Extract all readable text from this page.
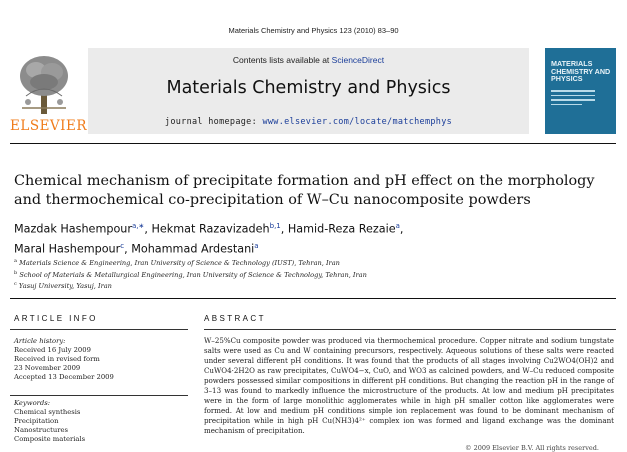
Materials Chemistry and Physics 123 (2010) 83–90
ELSEVIER
Contents lists available at ScienceDirect
Materials Chemistry and Physics
journal homepage: www.elsevier.com/locate/matchemphys
MATERIALS CHEMISTRY AND PHYSICS
Chemical mechanism of precipitate formation and pH effect on the morphology and thermochemical co-precipitation of W–Cu nanocomposite powders
Mazdak Hashempour$^{a,∗}$, Hekmat Razavizadeh$^{b,1}$, Hamid-Reza Rezaie$^a$,
Maral Hashempour$^c$, Mohammad Ardestani$^a$
$^a$ Materials Science & Engineering, Iran University of Science & Technology (IUST), Tehran, Iran
$^b$ School of Materials & Metallurgical Engineering, Iran University of Science & Technology, Tehran, Iran
$^c$ Yasuj University, Yasuj, Iran
ARTICLE INFO
Article history:
Received 16 July 2009
Received in revised form
23 November 2009
Accepted 13 December 2009
Keywords:
Chemical synthesis
Precipitation
Nanostructures
Composite materials
ABSTRACT

W–25%Cu composite powder was produced via thermochemical procedure. Copper nitrate and sodium tungstate salts were used as Cu and W containing precursors, respectively. Aqueous solutions of these salts were reacted under several different pH conditions. It was found that the products of all stages involving Cu2WO4(OH)2 and CuWO4·2H2O as raw precipitates, CuWO4−x, CuO, and WO3 as calcined powders, and W–Cu reduced composite powders possessed similar compositions in different pH conditions. But changing the reaction pH in the range of 3–13 was found to markedly influence the microstructure of the products. At low and medium pH precipitates were in the form of large monolithic agglomerates while in high pH smaller cotton like agglomerates were formed. At low and medium pH conditions simple ion replacement was found to be dominant mechanism of precipitation while in high pH Cu(NH3)4²⁺ complex ion was formed and ligand exchange was the dominant mechanism of precipitation.

© 2009 Elsevier B.V. All rights reserved.
